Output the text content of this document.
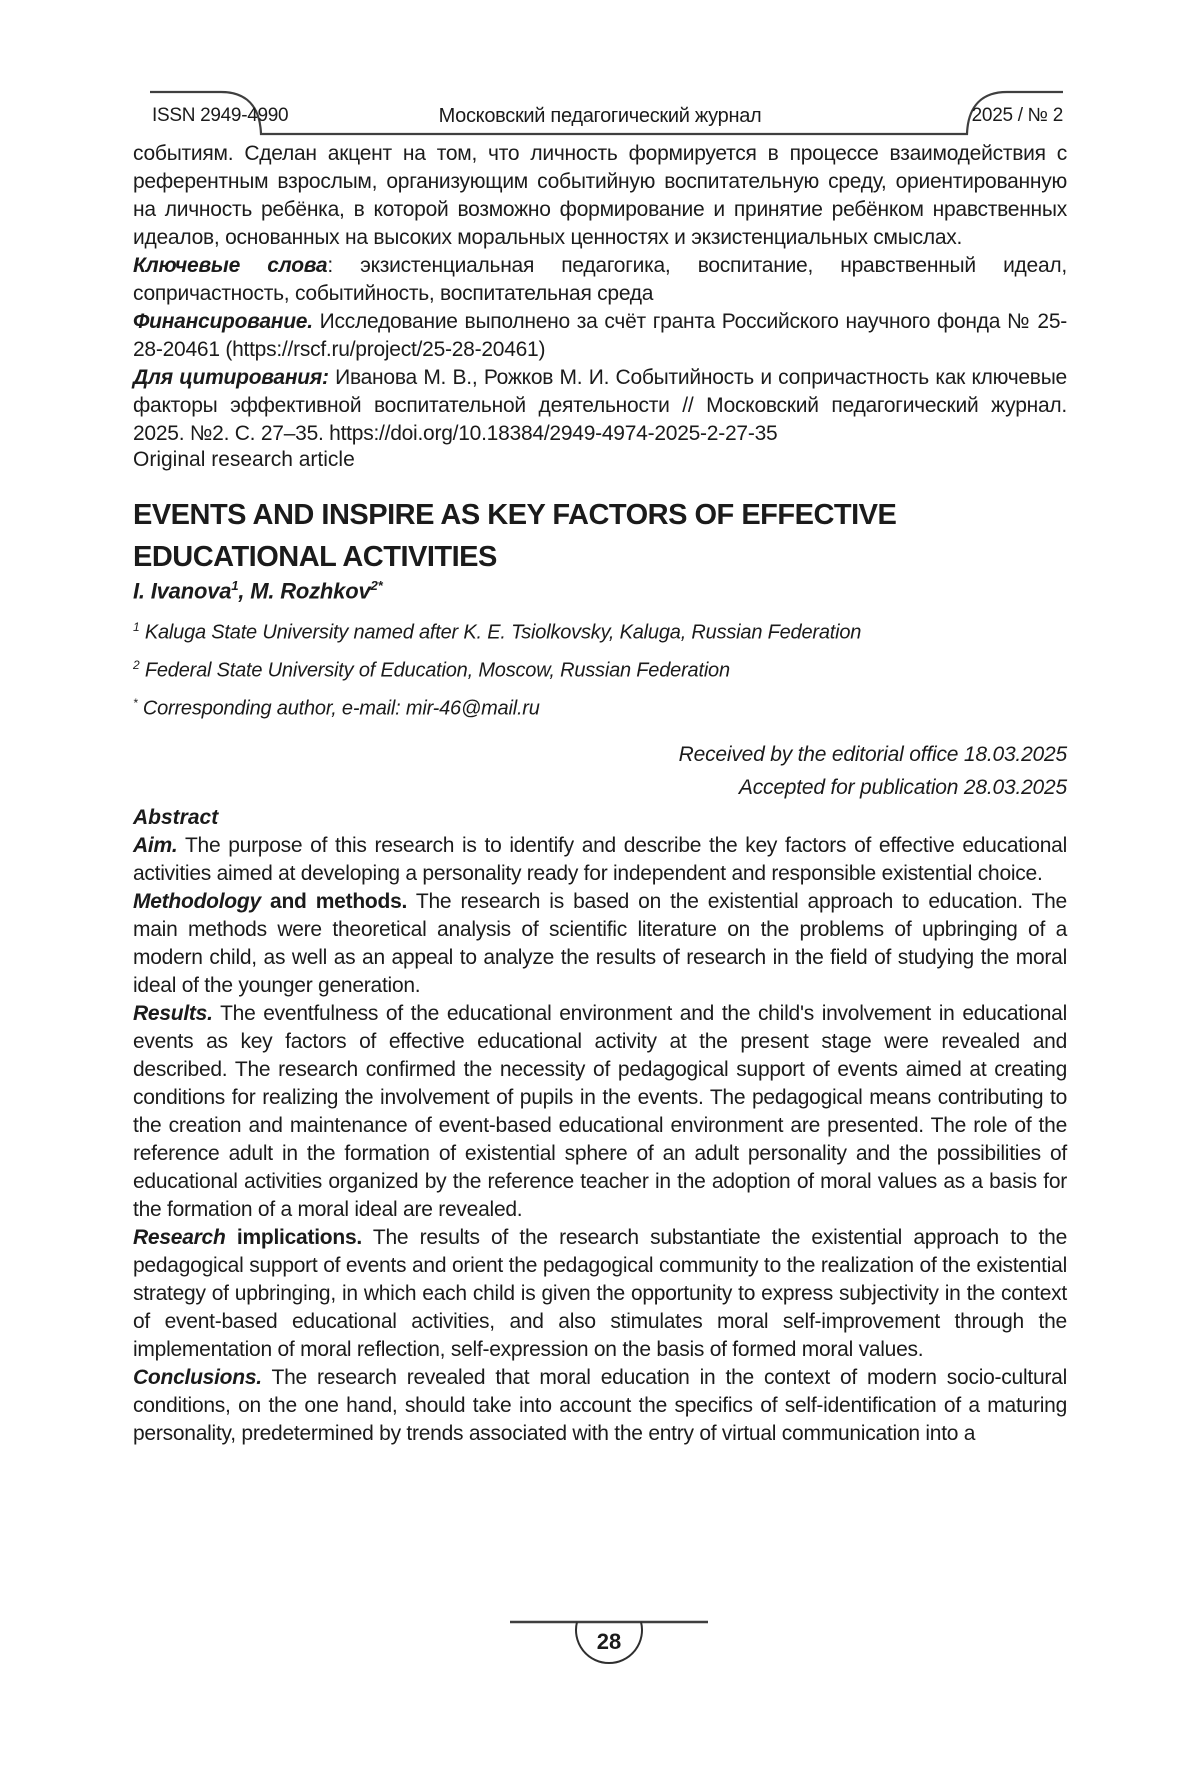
ISSN 2949-4990	Московский педагогический журнал	2025 / № 2

событиям. Сделан акцент на том, что личность формируется в процессе взаимодействия с референтным взрослым, организующим событийную воспитательную среду, ориентированную на личность ребёнка, в которой возможно формирование и принятие ребёнком нравственных идеалов, основанных на высоких моральных ценностях и экзистенциальных смыслах.

Ключевые слова: экзистенциальная педагогика, воспитание, нравственный идеал, сопричастность, событийность, воспитательная среда

Финансирование. Исследование выполнено за счёт гранта Российского научного фонда № 25-28-20461 (https://rscf.ru/project/25-28-20461)

Для цитирования: Иванова М. В., Рожков М. И. Событийность и сопричастность как ключевые факторы эффективной воспитательной деятельности // Московский педагогический журнал. 2025. №2. С. 27–35. https://doi.org/10.18384/2949-4974-2025-2-27-35

Original research article

EVENTS AND INSPIRE AS KEY FACTORS OF EFFECTIVE EDUCATIONAL ACTIVITIES

I. Ivanova$^1$, M. Rozhkov$^{2*}$

$^1$ Kaluga State University named after K. E. Tsiolkovsky, Kaluga, Russian Federation

$^2$ Federal State University of Education, Moscow, Russian Federation

* Corresponding author, e-mail: mir-46@mail.ru

Received by the editorial office 18.03.2025

Accepted for publication 28.03.2025

Abstract

Aim. The purpose of this research is to identify and describe the key factors of effective educational activities aimed at developing a personality ready for independent and responsible existential choice.

Methodology and methods. The research is based on the existential approach to education. The main methods were theoretical analysis of scientific literature on the problems of upbringing of a modern child, as well as an appeal to analyze the results of research in the field of studying the moral ideal of the younger generation.

Results. The eventfulness of the educational environment and the child's involvement in educational events as key factors of effective educational activity at the present stage were revealed and described. The research confirmed the necessity of pedagogical support of events aimed at creating conditions for realizing the involvement of pupils in the events. The pedagogical means contributing to the creation and maintenance of event-based educational environment are presented. The role of the reference adult in the formation of existential sphere of an adult personality and the possibilities of educational activities organized by the reference teacher in the adoption of moral values as a basis for the formation of a moral ideal are revealed.

Research implications. The results of the research substantiate the existential approach to the pedagogical support of events and orient the pedagogical community to the realization of the existential strategy of upbringing, in which each child is given the opportunity to express subjectivity in the context of event-based educational activities, and also stimulates moral self-improvement through the implementation of moral reflection, self-expression on the basis of formed moral values.

Conclusions. The research revealed that moral education in the context of modern socio-cultural conditions, on the one hand, should take into account the specifics of self-identification of a maturing personality, predetermined by trends associated with the entry of virtual communication into a

28
